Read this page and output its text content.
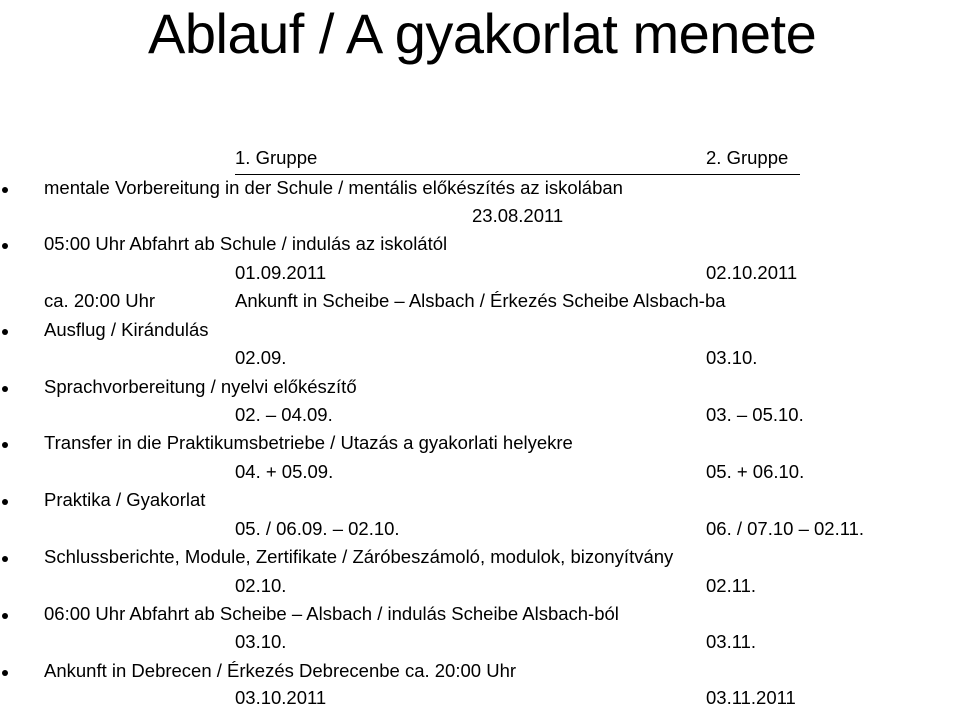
Ablauf / A gyakorlat menete
1. Gruppe	2. Gruppe
mentale Vorbereitung in der Schule / mentális előkészítés az iskolában
23.08.2011
05:00 Uhr Abfahrt ab Schule / indulás az iskolától
01.09.2011	02.10.2011
ca. 20:00 Uhr	Ankunft in Scheibe – Alsbach / Érkezés Scheibe Alsbach-ba
Ausflug / Kirándulás
02.09.	03.10.
Sprachvorbereitung / nyelvi előkészítő
02. – 04.09.	03. – 05.10.
Transfer in die Praktikumsbetriebe / Utazás a gyakorlati helyekre
04. + 05.09.	05. + 06.10.
Praktika / Gyakorlat
05. / 06.09. – 02.10.	06. / 07.10 – 02.11.
Schlussberichte, Module, Zertifikate / Záróbeszámoló, modulok, bizonyítvány
02.10.	02.11.
06:00 Uhr Abfahrt ab Scheibe – Alsbach / indulás Scheibe Alsbach-ból
03.10.	03.11.
Ankunft in Debrecen / Érkezés Debrecenbe ca. 20:00 Uhr
03.10.2011	03.11.2011
